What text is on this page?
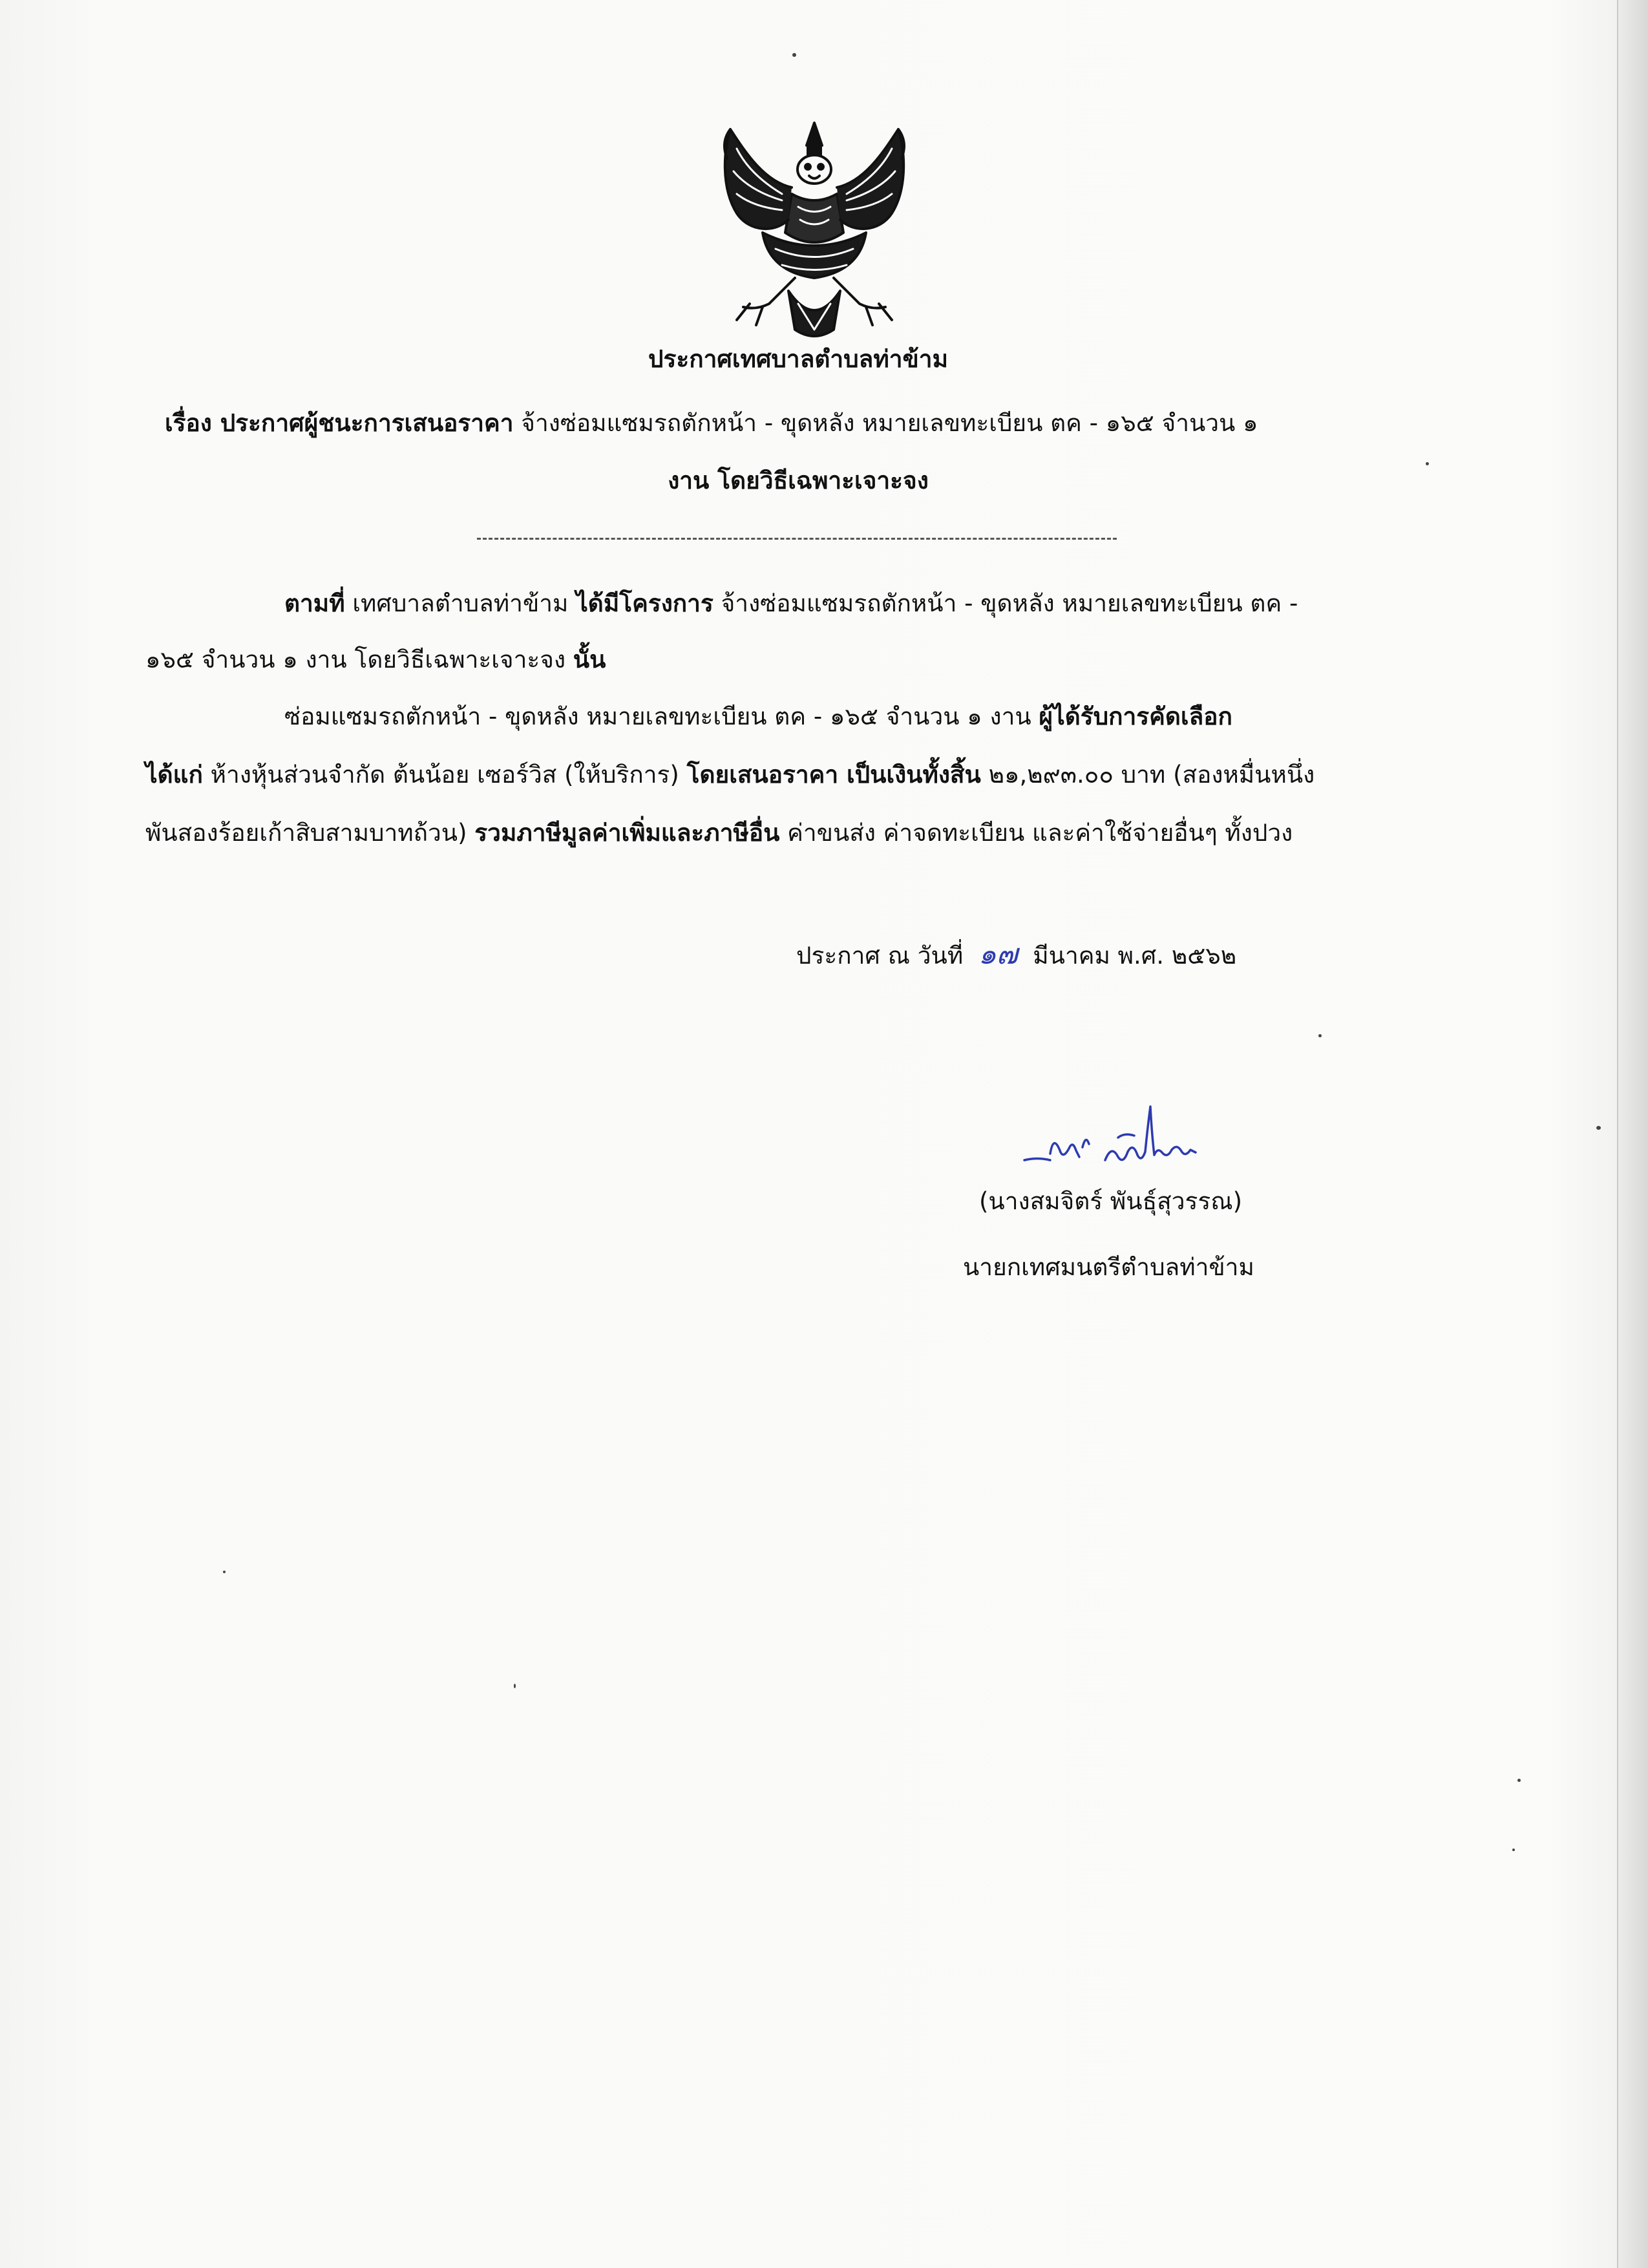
ประกาศเทศบาลตำบลท่าข้าม
เรื่อง ประกาศผู้ชนะการเสนอราคา จ้างซ่อมแซมรถตักหน้า - ขุดหลัง หมายเลขทะเบียน ตค - ๑๖๕ จำนวน ๑
งาน โดยวิธีเฉพาะเจาะจง
ตามที่ เทศบาลตำบลท่าข้าม ได้มีโครงการ จ้างซ่อมแซมรถตักหน้า - ขุดหลัง หมายเลขทะเบียน ตค -
๑๖๕ จำนวน ๑ งาน โดยวิธีเฉพาะเจาะจง นั้น
ซ่อมแซมรถตักหน้า - ขุดหลัง หมายเลขทะเบียน ตค - ๑๖๕ จำนวน ๑ งาน ผู้ได้รับการคัดเลือก
ได้แก่ ห้างหุ้นส่วนจำกัด ต้นน้อย เซอร์วิส (ให้บริการ) โดยเสนอราคา เป็นเงินทั้งสิ้น ๒๑,๒๙๓.๐๐ บาท (สองหมื่นหนึ่ง
พันสองร้อยเก้าสิบสามบาทถ้วน) รวมภาษีมูลค่าเพิ่มและภาษีอื่น ค่าขนส่ง ค่าจดทะเบียน และค่าใช้จ่ายอื่นๆ ทั้งปวง
ประกาศ ณ วันที่ ๑๗ มีนาคม พ.ศ. ๒๕๖๒
(นางสมจิตร์ พันธุ์สุวรรณ)
นายกเทศมนตรีตำบลท่าข้าม
